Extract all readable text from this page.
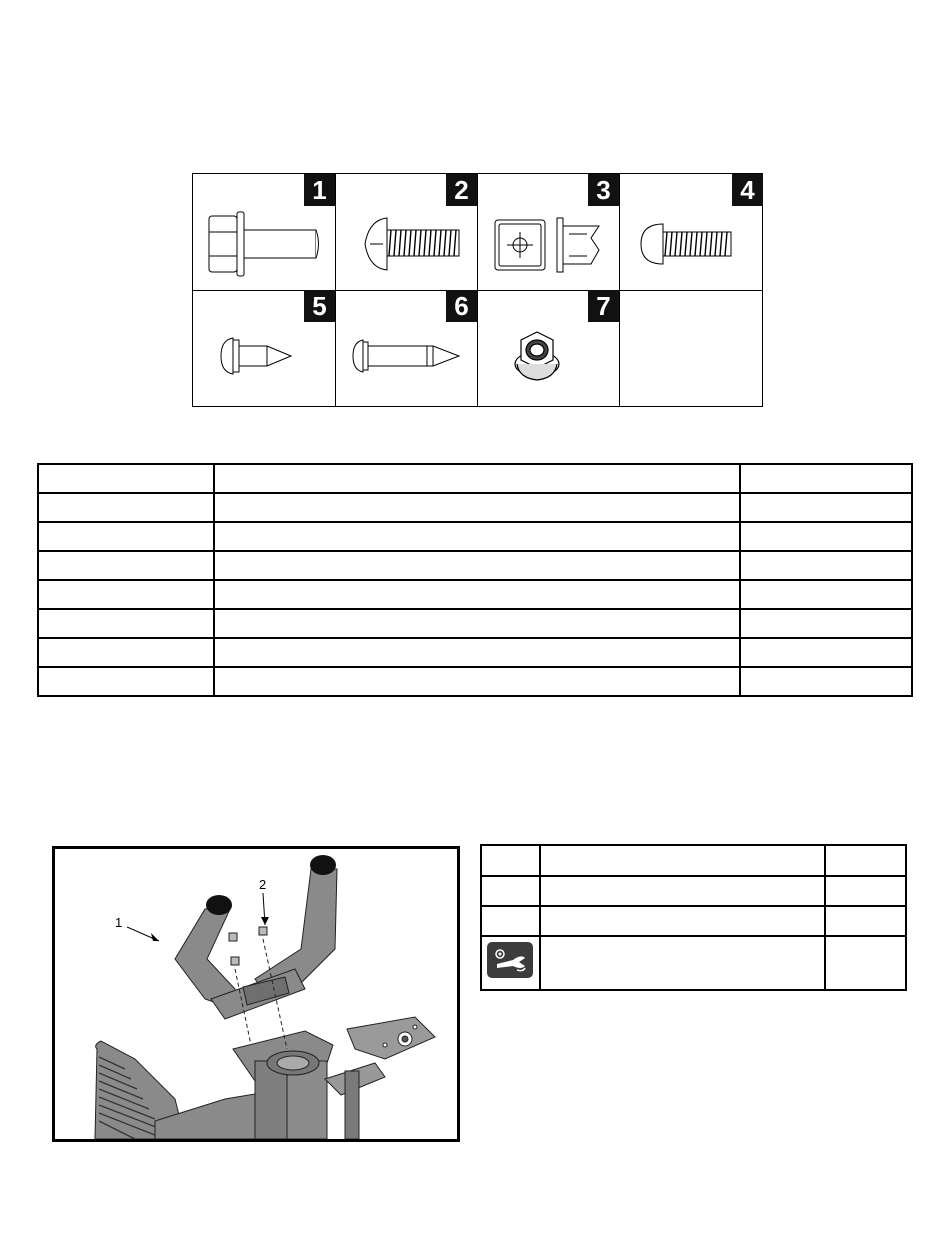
1	2	3	4
5	6	7

1
2
